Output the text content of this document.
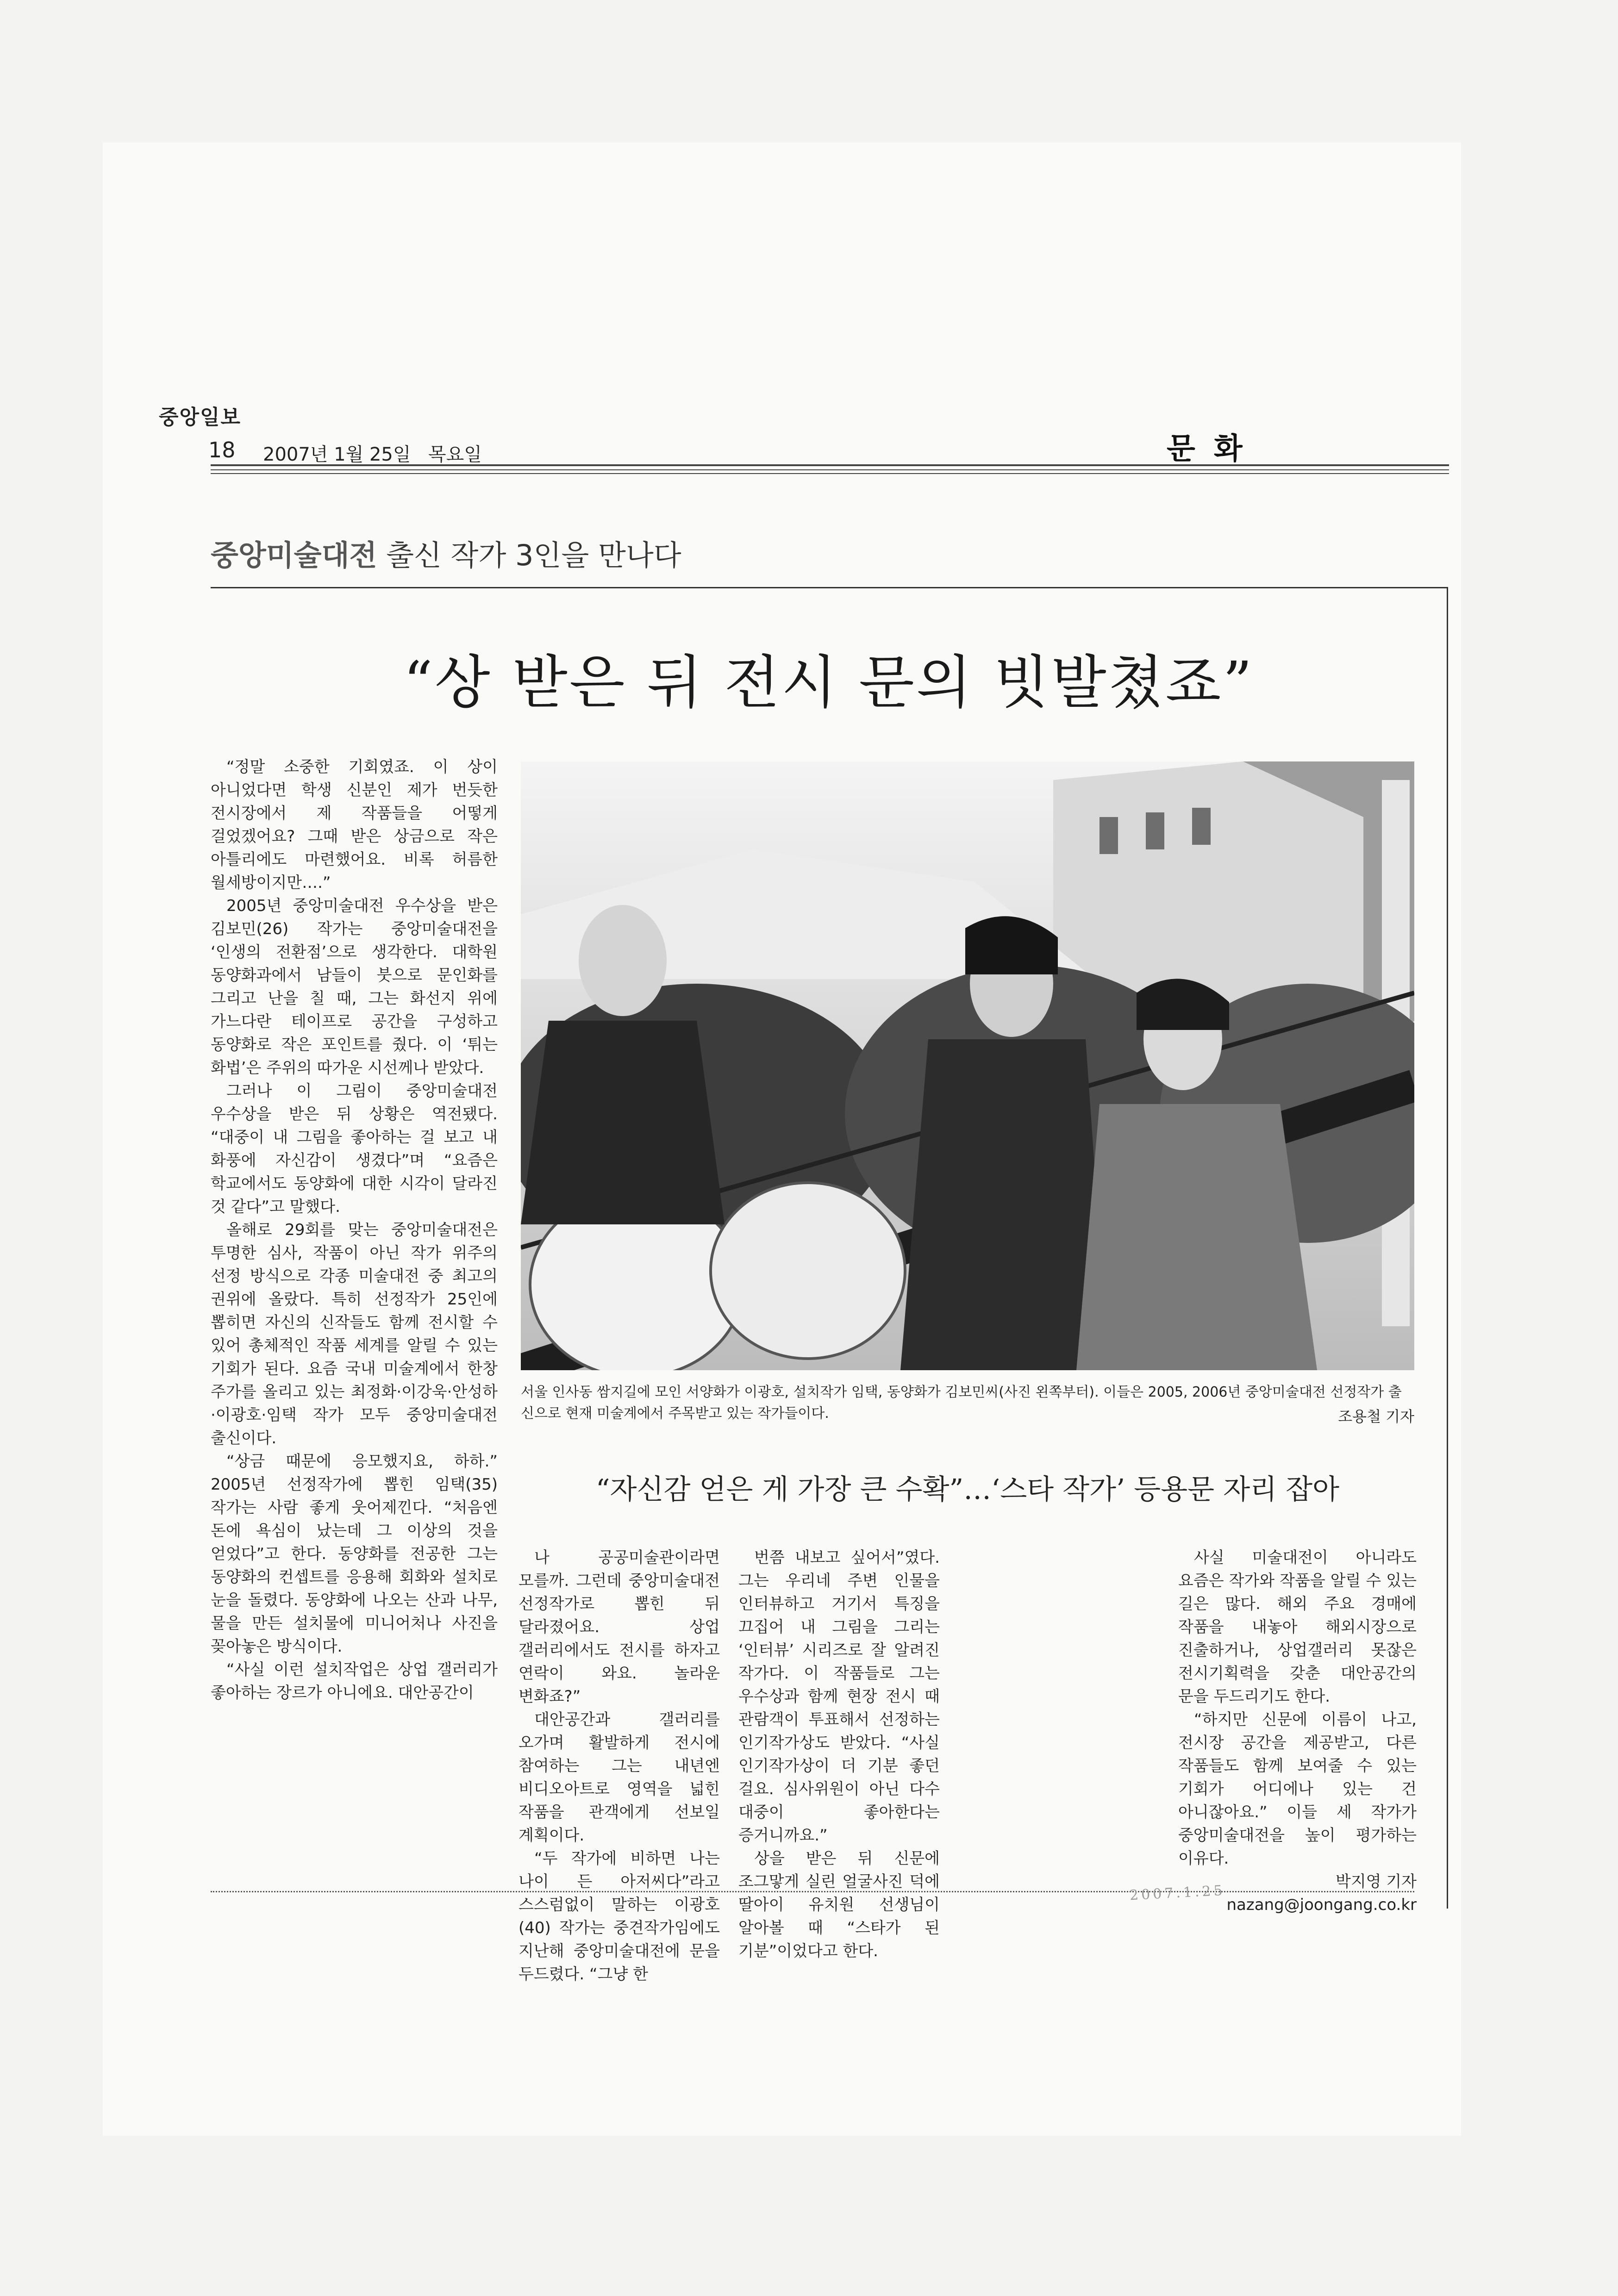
중앙일보
18 2007년 1월 25일 목요일	문화
중앙미술대전 출신 작가 3인을 만나다
“상 받은 뒤 전시 문의 빗발쳤죠”
서울 인사동 쌈지길에 모인 서양화가 이광호, 설치작가 임택, 동양화가 김보민씨(사진 왼쪽부터). 이들은 2005, 2006년 중앙미술대전 선정작가 출신으로 현재 미술계에서 주목받고 있는 작가들이다.	조용철 기자
“자신감 얻은 게 가장 큰 수확”…‘스타 작가’ 등용문 자리 잡아

“정말 소중한 기회였죠. 이 상이 아니었다면 학생 신분인 제가 번듯한 전시장에서 제 작품들을 어떻게 걸었겠어요? 그때 받은 상금으로 작은 아틀리에도 마련했어요. 비록 허름한 월세방이지만….”

2005년 중앙미술대전 우수상을 받은 김보민(26) 작가는 중앙미술대전을 ‘인생의 전환점’으로 생각한다. 대학원 동양화과에서 남들이 붓으로 문인화를 그리고 난을 칠 때, 그는 화선지 위에 가느다란 테이프로 공간을 구성하고 동양화로 작은 포인트를 줬다. 이 ‘튀는 화법’은 주위의 따가운 시선께나 받았다.

그러나 이 그림이 중앙미술대전 우수상을 받은 뒤 상황은 역전됐다. “대중이 내 그림을 좋아하는 걸 보고 내 화풍에 자신감이 생겼다”며 “요즘은 학교에서도 동양화에 대한 시각이 달라진 것 같다”고 말했다.

올해로 29회를 맞는 중앙미술대전은 투명한 심사, 작품이 아닌 작가 위주의 선정 방식으로 각종 미술대전 중 최고의 권위에 올랐다. 특히 선정작가 25인에 뽑히면 자신의 신작들도 함께 전시할 수 있어 총체적인 작품 세계를 알릴 수 있는 기회가 된다. 요즘 국내 미술계에서 한창 주가를 올리고 있는 최정화·이강욱·안성하·이광호·임택 작가 모두 중앙미술대전 출신이다.

“상금 때문에 응모했지요, 하하.” 2005년 선정작가에 뽑힌 임택(35) 작가는 사람 좋게 웃어제낀다. “처음엔 돈에 욕심이 났는데 그 이상의 것을 얻었다”고 한다. 동양화를 전공한 그는 동양화의 컨셉트를 응용해 회화와 설치로 눈을 돌렸다. 동양화에 나오는 산과 나무, 물을 만든 설치물에 미니어처나 사진을 꽂아놓은 방식이다.

“사실 이런 설치작업은 상업 갤러리가 좋아하는 장르가 아니에요. 대안공간이

나 공공미술관이라면 모를까. 그런데 중앙미술대전 선정작가로 뽑힌 뒤 달라졌어요. 상업 갤러리에서도 전시를 하자고 연락이 와요. 놀라운 변화죠?”

대안공간과 갤러리를 오가며 활발하게 전시에 참여하는 그는 내년엔 비디오아트로 영역을 넓힌 작품을 관객에게 선보일 계획이다.

“두 작가에 비하면 나는 나이 든 아저씨다”라고 스스럼없이 말하는 이광호(40) 작가는 중견작가임에도 지난해 중앙미술대전에 문을 두드렸다. “그냥 한

번쯤 내보고 싶어서”였다. 그는 우리네 주변 인물을 인터뷰하고 거기서 특징을 끄집어 내 그림을 그리는 ‘인터뷰’ 시리즈로 잘 알려진 작가다. 이 작품들로 그는 우수상과 함께 현장 전시 때 관람객이 투표해서 선정하는 인기작가상도 받았다. “사실 인기작가상이 더 기분 좋던 걸요. 심사위원이 아닌 다수 대중이 좋아한다는 증거니까요.”

상을 받은 뒤 신문에 조그맣게 실린 얼굴사진 덕에 딸아이 유치원 선생님이 알아볼 때 “스타가 된 기분”이었다고 한다.

사실 미술대전이 아니라도 요즘은 작가와 작품을 알릴 수 있는 길은 많다. 해외 주요 경매에 작품을 내놓아 해외시장으로 진출하거나, 상업갤러리 못잖은 전시기획력을 갖춘 대안공간의 문을 두드리기도 한다.

“하지만 신문에 이름이 나고, 전시장 공간을 제공받고, 다른 작품들도 함께 보여줄 수 있는 기회가 어디에나 있는 건 아니잖아요.” 이들 세 작가가 중앙미술대전을 높이 평가하는 이유다.

박지영 기자

nazang@joongang.co.kr

2007.1.25
